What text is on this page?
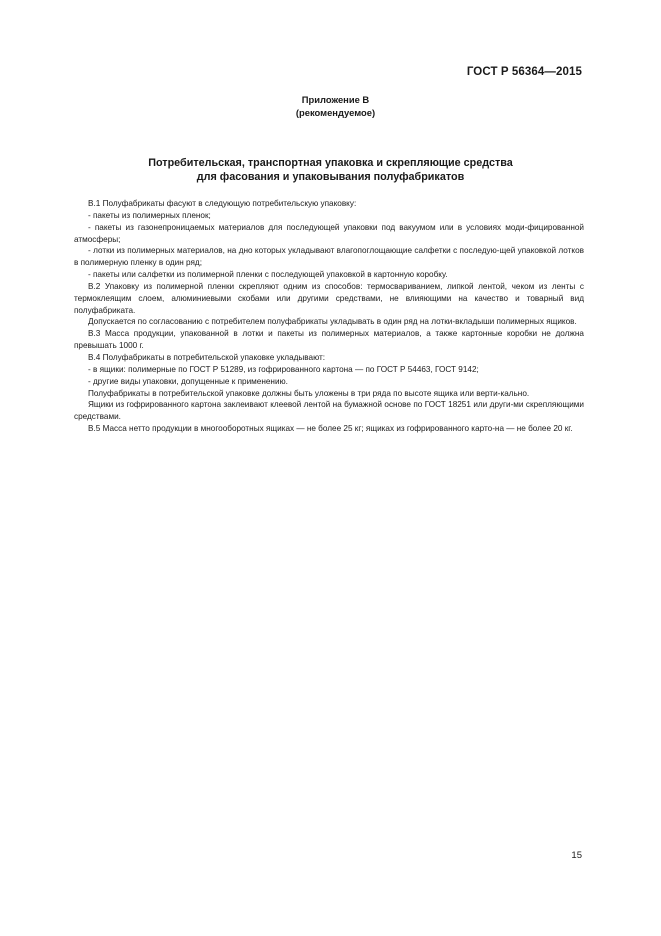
ГОСТ Р 56364—2015
Приложение В
(рекомендуемое)
Потребительская, транспортная упаковка и скрепляющие средства
для фасования и упаковывания полуфабрикатов

В.1 Полуфабрикаты фасуют в следующую потребительскую упаковку:

- пакеты из полимерных пленок;

- пакеты из газонепроницаемых материалов для последующей упаковки под вакуумом или в условиях моди-фицированной атмосферы;

- лотки из полимерных материалов, на дно которых укладывают влагопоглощающие салфетки с последую-щей упаковкой лотков в полимерную пленку в один ряд;

- пакеты или салфетки из полимерной пленки с последующей упаковкой в картонную коробку.

В.2 Упаковку из полимерной пленки скрепляют одним из способов: термосвариванием, липкой лентой, чеком из ленты с термоклеящим слоем, алюминиевыми скобами или другими средствами, не влияющими на качество и товарный вид полуфабриката.

Допускается по согласованию с потребителем полуфабрикаты укладывать в один ряд на лотки-вкладыши полимерных ящиков.

В.3 Масса продукции, упакованной в лотки и пакеты из полимерных материалов, а также картонные коробки не должна превышать 1000 г.

В.4 Полуфабрикаты в потребительской упаковке укладывают:

- в ящики: полимерные по ГОСТ Р 51289, из гофрированного картона — по ГОСТ Р 54463, ГОСТ 9142;

- другие виды упаковки, допущенные к применению.

Полуфабрикаты в потребительской упаковке должны быть уложены в три ряда по высоте ящика или верти-кально.

Ящики из гофрированного картона заклеивают клеевой лентой на бумажной основе по ГОСТ 18251 или други-ми скрепляющими средствами.

В.5 Масса нетто продукции в многооборотных ящиках — не более 25 кг; ящиках из гофрированного карто-на — не более 20 кг.

15
